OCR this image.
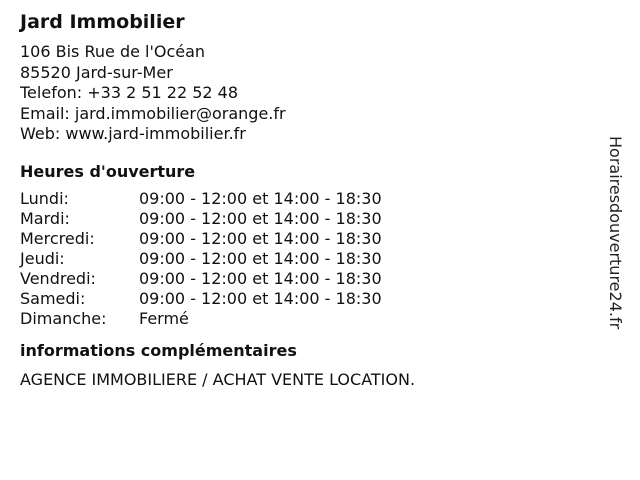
Jard Immobilier
106 Bis Rue de l'Océan
85520 Jard-sur-Mer
Telefon: +33 2 51 22 52 48
Email: jard.immobilier@orange.fr
Web: www.jard-immobilier.fr
Heures d'ouverture
Lundi:	09:00 - 12:00 et 14:00 - 18:30
Mardi:	09:00 - 12:00 et 14:00 - 18:30
Mercredi:	09:00 - 12:00 et 14:00 - 18:30
Jeudi:	09:00 - 12:00 et 14:00 - 18:30
Vendredi:	09:00 - 12:00 et 14:00 - 18:30
Samedi:	09:00 - 12:00 et 14:00 - 18:30
Dimanche:	Fermé
informations complémentaires
AGENCE IMMOBILIERE / ACHAT VENTE LOCATION.
Horairesdouverture24.fr
